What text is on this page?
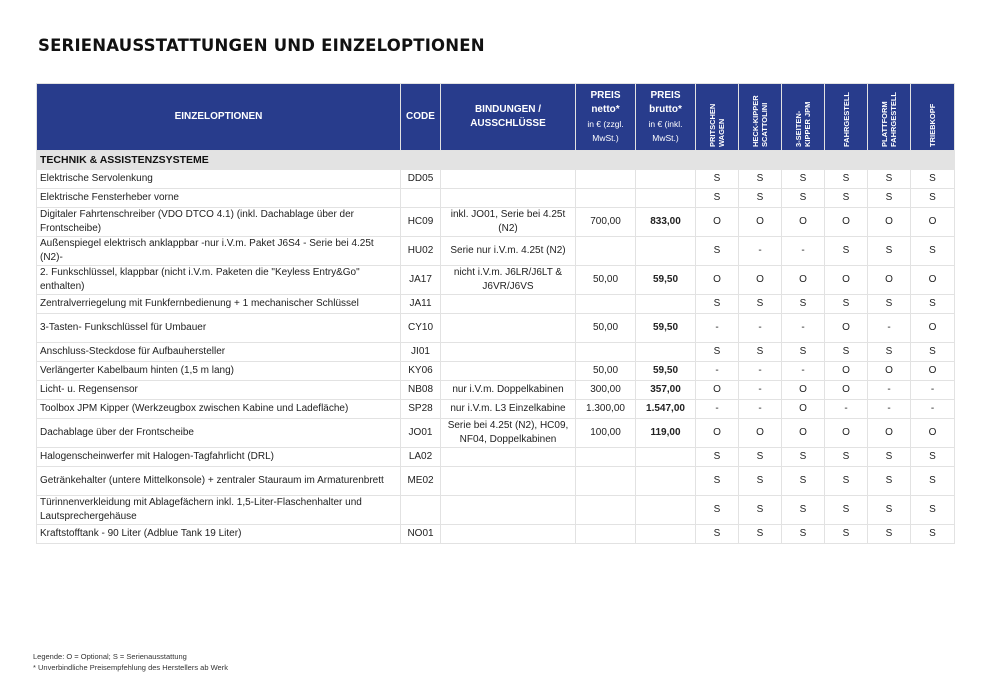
SERIENAUSSTATTUNGEN UND EINZELOPTIONEN
EINZELOPTIONEN	CODE	BINDUNGEN / AUSSCHLÜSSE	PREIS netto*
in € (zzgl. MwSt.)	PREIS brutto*
in € (inkl. MwSt.)	PRITSCHEN WAGEN	HECK-KIPPER SCATTOLINI	3-SEITEN- KIPPER JPM	FAHRGESTELL	PLATTFORM FAHRGESTELL	TRIEBKOPF

TECHNIK & ASSISTENZSYSTEME										
Elektrische Servolenkung	DD05				S	S	S	S	S	S
Elektrische Fensterheber vorne					S	S	S	S	S	S
Digitaler Fahrtenschreiber (VDO DTCO 4.1) (inkl. Dachablage über der Frontscheibe)	HC09	inkl. JO01, Serie bei 4.25t (N2)	700,00	833,00	O	O	O	O	O	O
Außenspiegel elektrisch anklappbar -nur i.V.m. Paket J6S4 - Serie bei 4.25t (N2)-	HU02	Serie nur i.V.m. 4.25t (N2)			S	-	-	S	S	S
2. Funkschlüssel, klappbar (nicht i.V.m. Paketen die "Keyless Entry&Go" enthalten)	JA17	nicht i.V.m. J6LR/J6LT & J6VR/J6VS	50,00	59,50	O	O	O	O	O	O
Zentralverriegelung mit Funkfernbedienung + 1 mechanischer Schlüssel	JA11				S	S	S	S	S	S
3-Tasten- Funkschlüssel für Umbauer	CY10		50,00	59,50	-	-	-	O	-	O
Anschluss-Steckdose für Aufbauhersteller	JI01				S	S	S	S	S	S
Verlängerter Kabelbaum hinten (1,5 m lang)	KY06		50,00	59,50	-	-	-	O	O	O
Licht- u. Regensensor	NB08	nur i.V.m. Doppelkabinen	300,00	357,00	O	-	O	O	-	-
Toolbox JPM Kipper (Werkzeugbox zwischen Kabine und Ladefläche)	SP28	nur i.V.m. L3 Einzelkabine	1.300,00	1.547,00	-	-	O	-	-	-
Dachablage über der Frontscheibe	JO01	Serie bei 4.25t (N2), HC09, NF04, Doppelkabinen	100,00	119,00	O	O	O	O	O	O
Halogenscheinwerfer mit Halogen-Tagfahrlicht (DRL)	LA02				S	S	S	S	S	S
Getränkehalter (untere Mittelkonsole) + zentraler Stauraum im Armaturenbrett	ME02				S	S	S	S	S	S
Türinnenverkleidung mit Ablagefächern inkl. 1,5-Liter-Flaschenhalter und Lautsprechergehäuse					S	S	S	S	S	S
Kraftstofftank - 90 Liter (Adblue Tank 19 Liter)	NO01				S	S	S	S	S	S
Legende: O = Optional; S = Serienausstattung
* Unverbindliche Preisempfehlung des Herstellers ab Werk
